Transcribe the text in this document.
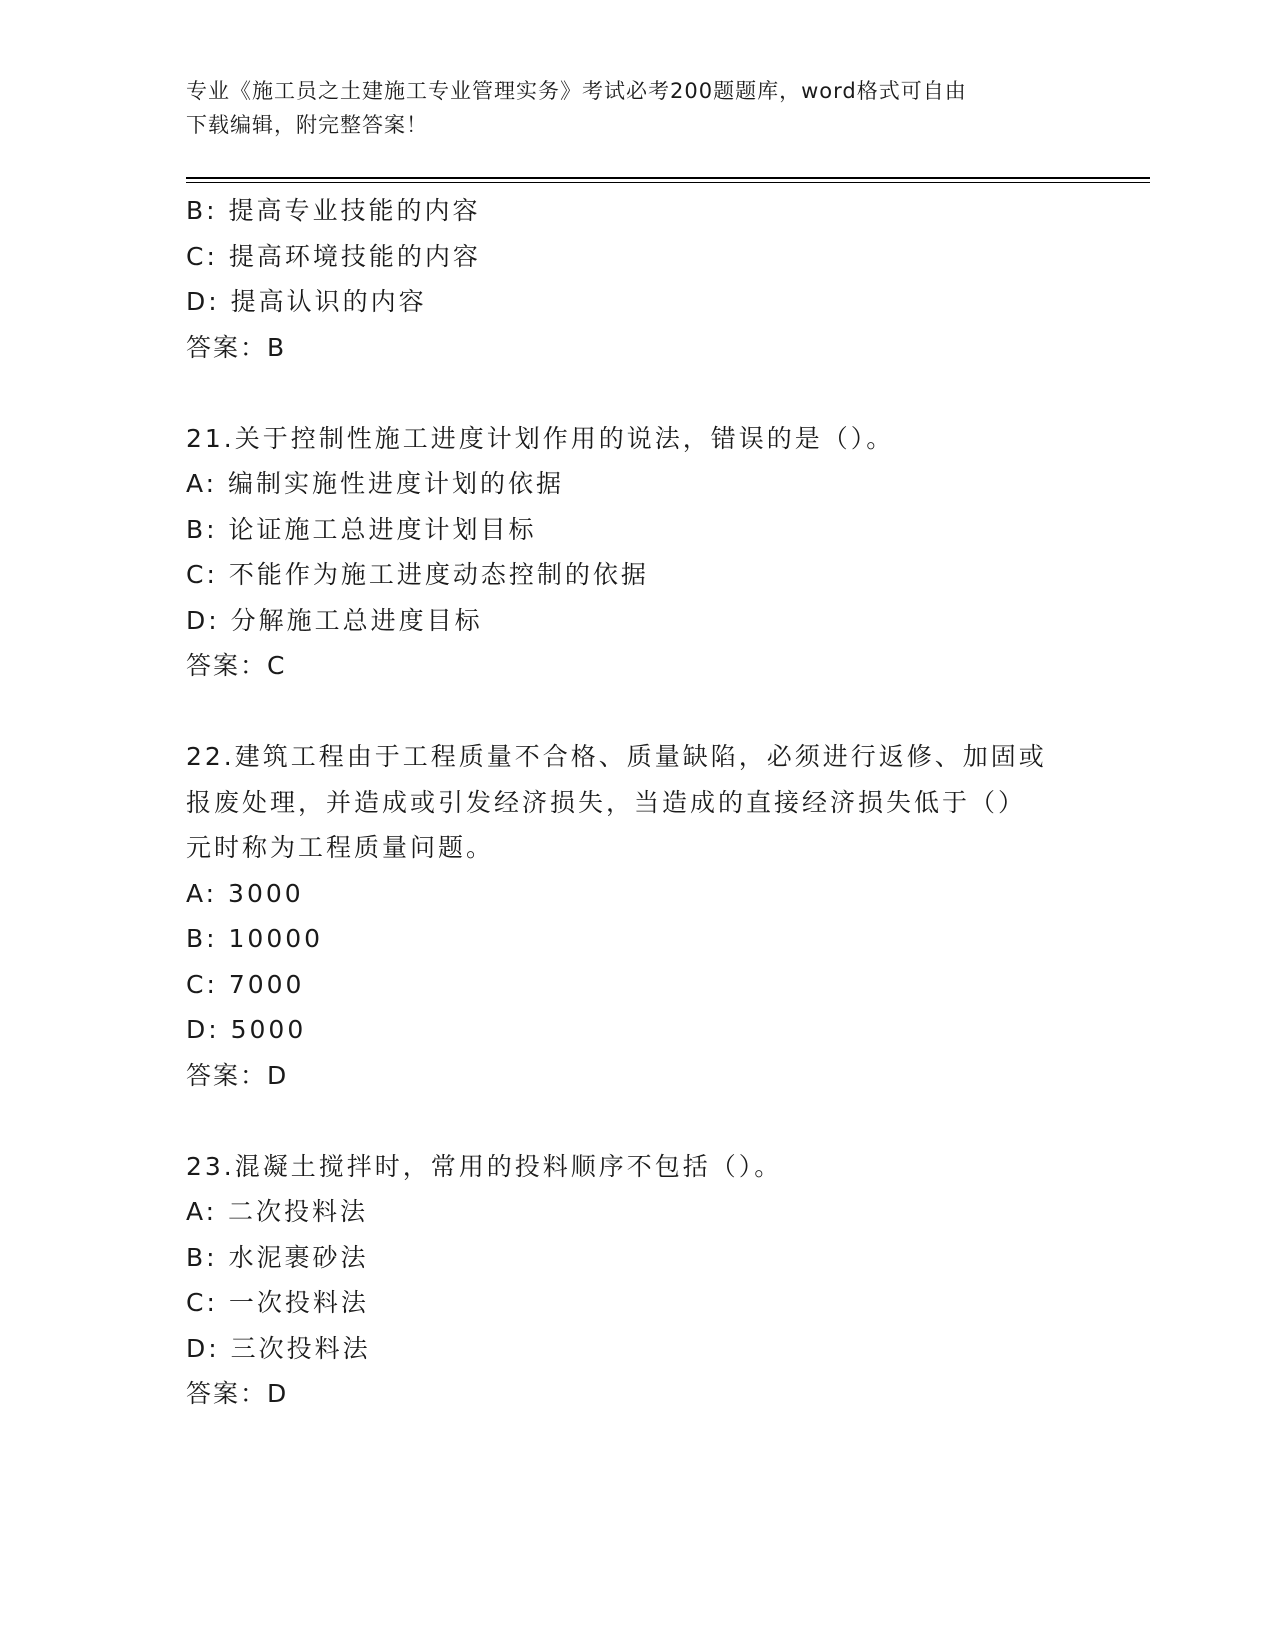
专业《施工员之土建施工专业管理实务》考试必考200题题库，word格式可自由
下载编辑，附完整答案！
B: 提高专业技能的内容
C: 提高环境技能的内容
D: 提高认识的内容
答案：B
21.关于控制性施工进度计划作用的说法，错误的是（）。
A: 编制实施性进度计划的依据
B: 论证施工总进度计划目标
C: 不能作为施工进度动态控制的依据
D: 分解施工总进度目标
答案：C
22.建筑工程由于工程质量不合格、质量缺陷，必须进行返修、加固或
报废处理，并造成或引发经济损失，当造成的直接经济损失低于（）
元时称为工程质量问题。
A: 3000
B: 10000
C: 7000
D: 5000
答案：D
23.混凝土搅拌时，常用的投料顺序不包括（）。
A: 二次投料法
B: 水泥裹砂法
C: 一次投料法
D: 三次投料法
答案：D
